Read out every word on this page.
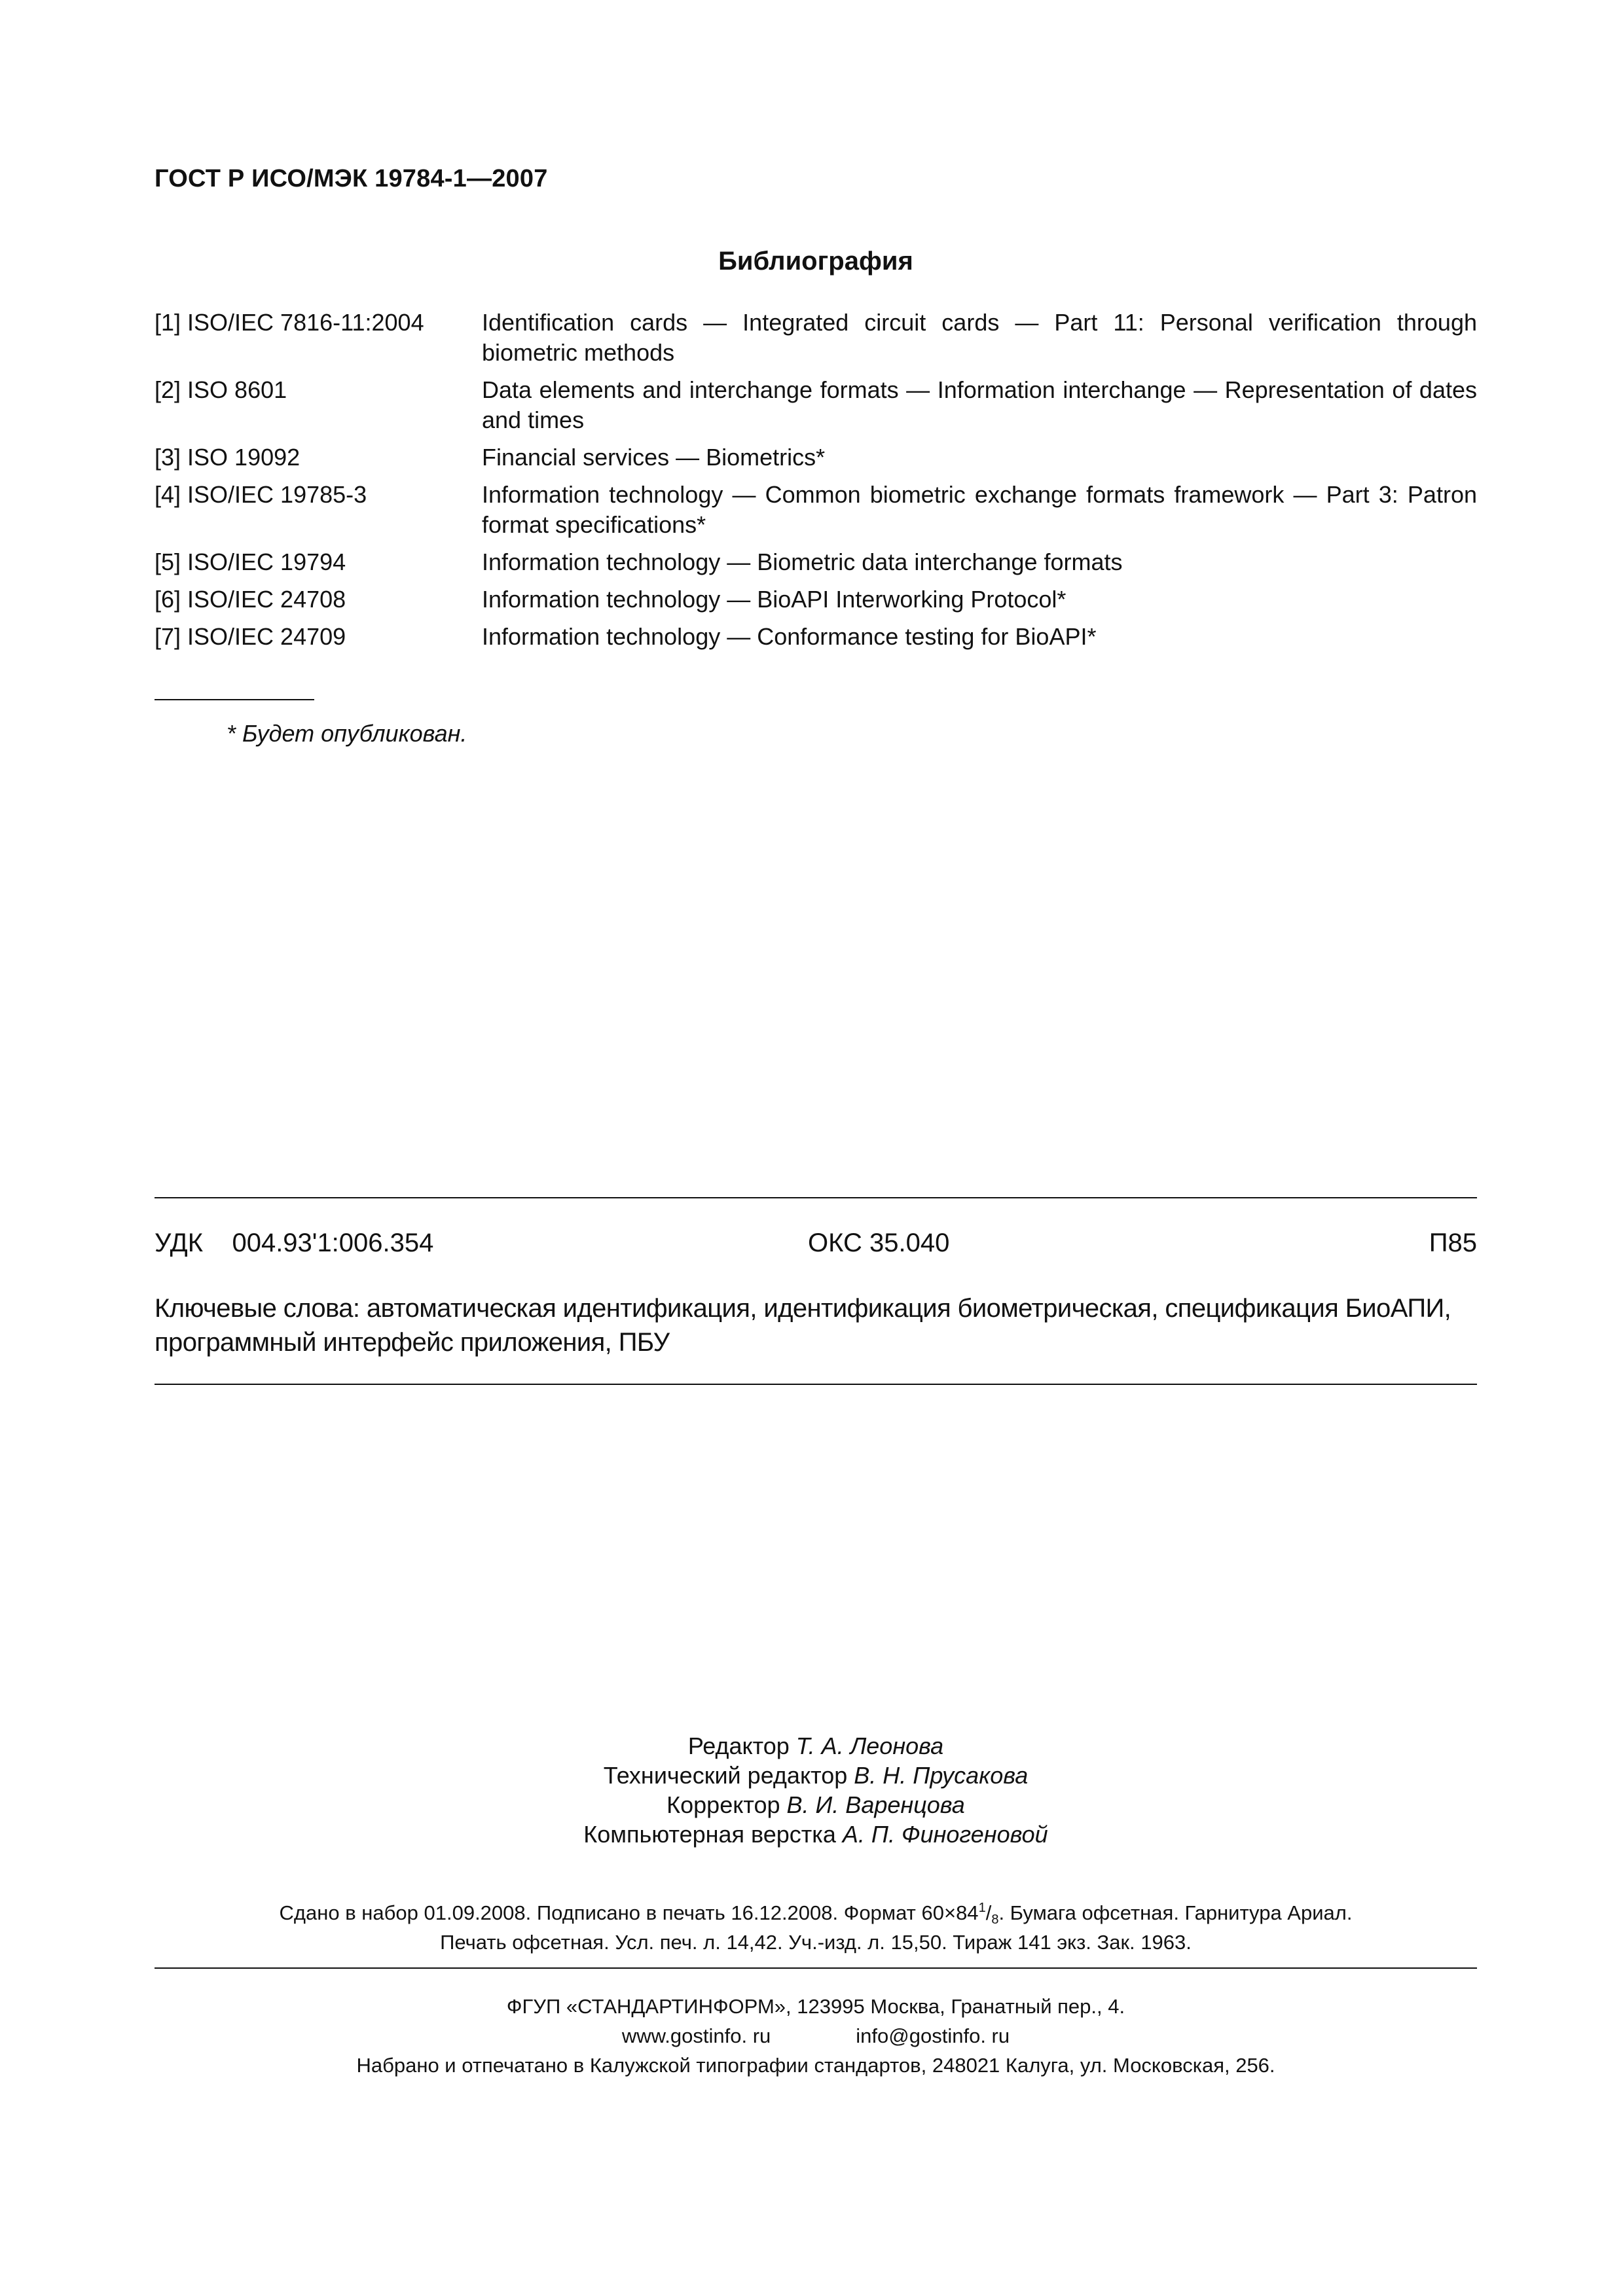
ГОСТ Р ИСО/МЭК 19784-1—2007
Библиография
[1] ISO/IEC 7816-11:2004	Identification cards — Integrated circuit cards — Part 11: Personal verification through biometric methods
[2] ISO 8601	Data elements and interchange formats — Information interchange — Representation of dates and times
[3] ISO 19092	Financial services — Biometrics*
[4] ISO/IEC 19785-3	Information technology — Common biometric exchange formats framework — Part 3: Patron format specifications*
[5] ISO/IEC 19794	Information technology — Biometric data interchange formats
[6] ISO/IEC 24708	Information technology — BioAPI Interworking Protocol*
[7] ISO/IEC 24709	Information technology — Conformance testing for BioAPI*
* Будет опубликован.
УДК    004.93'1:006.354	ОКС 35.040	П85

Ключевые слова: автоматическая идентификация, идентификация биометрическая, спецификация БиоАПИ, программный интерфейс приложения, ПБУ

Редактор Т. А. Леонова
Технический редактор В. Н. Прусакова
Корректор В. И. Варенцова
Компьютерная верстка А. П. Финогеновой
Сдано в набор 01.09.2008. Подписано в печать 16.12.2008. Формат $60\times 84^1/_8$. Бумага офсетная. Гарнитура Ариал.
Печать офсетная. Усл. печ. л. 14,42. Уч.-изд. л. 15,50. Тираж 141 экз. Зак. 1963.
ФГУП «СТАНДАРТИНФОРМ», 123995 Москва, Гранатный пер., 4.
www.gostinfo. ru	info@gostinfo. ru
Набрано и отпечатано в Калужской типографии стандартов, 248021 Калуга, ул. Московская, 256.
